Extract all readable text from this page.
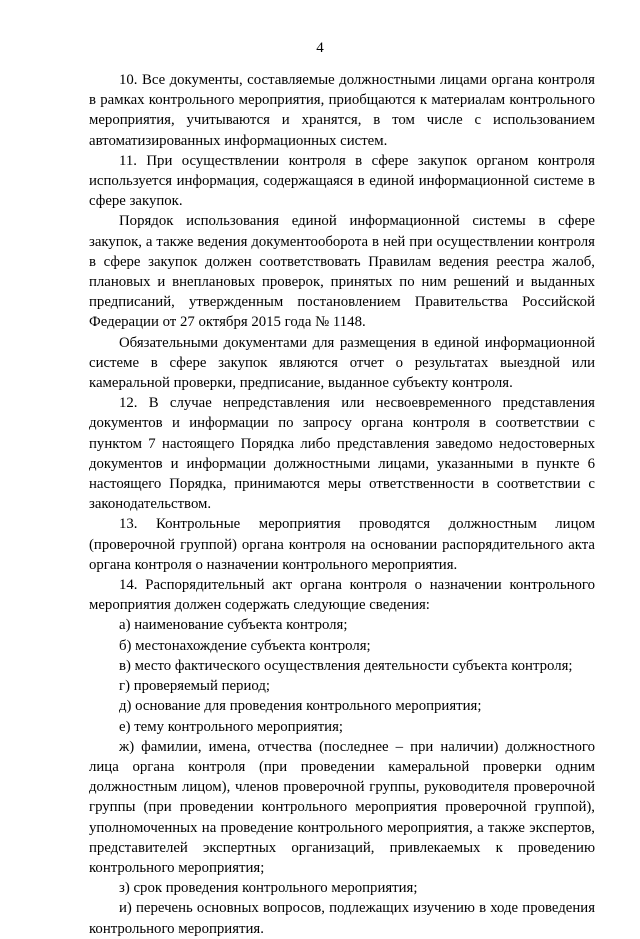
4

10. Все документы, составляемые должностными лицами органа контроля в рамках контрольного мероприятия, приобщаются к материалам контрольного мероприятия, учитываются и хранятся, в том числе с использованием автоматизированных информационных систем.

11. При осуществлении контроля в сфере закупок органом контроля используется информация, содержащаяся в единой информационной системе в сфере закупок.

Порядок использования единой информационной системы в сфере закупок, а также ведения документооборота в ней при осуществлении контроля в сфере закупок должен соответствовать Правилам ведения реестра жалоб, плановых и внеплановых проверок, принятых по ним решений и выданных предписаний, утвержденным постановлением Правительства Российской Федерации от 27 октября 2015 года № 1148.

Обязательными документами для размещения в единой информационной системе в сфере закупок являются отчет о результатах выездной или камеральной проверки, предписание, выданное субъекту контроля.

12. В случае непредставления или несвоевременного представления документов и информации по запросу органа контроля в соответствии с пунктом 7 настоящего Порядка либо представления заведомо недостоверных документов и информации должностными лицами, указанными в пункте 6 настоящего Порядка, принимаются меры ответственности в соответствии с законодательством.

13. Контрольные мероприятия проводятся должностным лицом (проверочной группой) органа контроля на основании распорядительного акта органа контроля о назначении контрольного мероприятия.

14. Распорядительный акт органа контроля о назначении контрольного мероприятия должен содержать следующие сведения:

а) наименование субъекта контроля;

б) местонахождение субъекта контроля;

в) место фактического осуществления деятельности субъекта контроля;

г) проверяемый период;

д) основание для проведения контрольного мероприятия;

е) тему контрольного мероприятия;

ж) фамилии, имена, отчества (последнее – при наличии) должностного лица органа контроля (при проведении камеральной проверки одним должностным лицом), членов проверочной группы, руководителя проверочной группы (при проведении контрольного мероприятия проверочной группой), уполномоченных на проведение контрольного мероприятия, а также экспертов, представителей экспертных организаций, привлекаемых к проведению контрольного мероприятия;

з) срок проведения контрольного мероприятия;

и) перечень основных вопросов, подлежащих изучению в ходе проведения контрольного мероприятия.
